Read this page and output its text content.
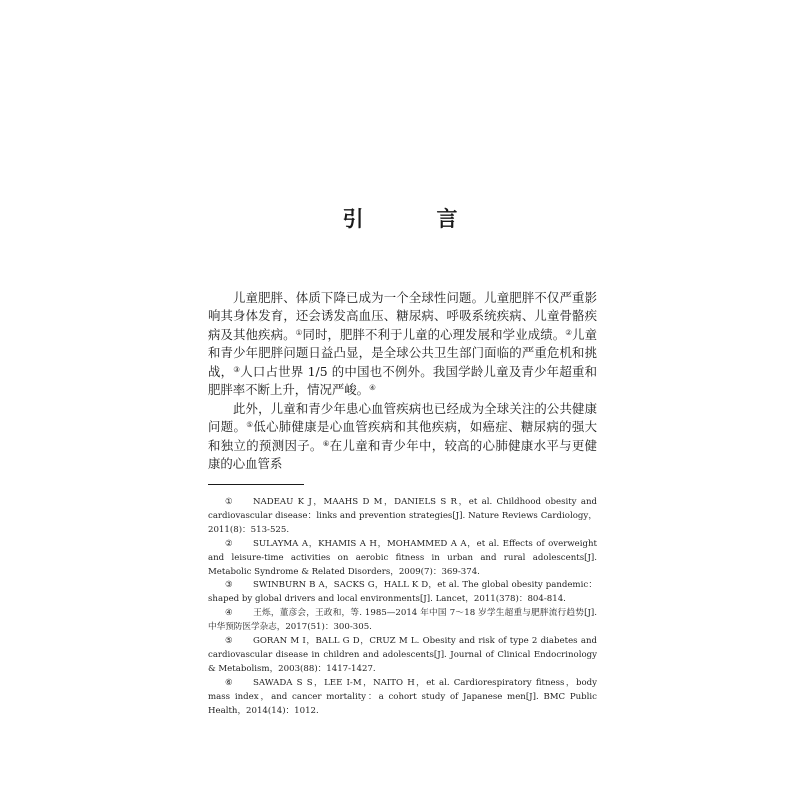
引　言

儿童肥胖、体质下降已成为一个全球性问题。儿童肥胖不仅严重影响其身体发育，还会诱发高血压、糖尿病、呼吸系统疾病、儿童骨骼疾病及其他疾病。①同时，肥胖不利于儿童的心理发展和学业成绩。②儿童和青少年肥胖问题日益凸显，是全球公共卫生部门面临的严重危机和挑战，③人口占世界 1/5 的中国也不例外。我国学龄儿童及青少年超重和肥胖率不断上升，情况严峻。④

此外，儿童和青少年患心血管疾病也已经成为全球关注的公共健康问题。⑤低心肺健康是心血管疾病和其他疾病，如癌症、糖尿病的强大和独立的预测因子。⑥在儿童和青少年中，较高的心肺健康水平与更健康的心血管系

① NADEAU K J，MAAHS D M，DANIELS S R，et al. Childhood obesity and cardiovascular disease：links and prevention strategies[J]. Nature Reviews Cardiology，2011(8)：513-525.

② SULAYMA A，KHAMIS A H，MOHAMMED A A，et al. Effects of overweight and leisure-time activities on aerobic fitness in urban and rural adolescents[J]. Metabolic Syndrome & Related Disorders，2009(7)：369-374.

③ SWINBURN B A，SACKS G，HALL K D，et al. The global obesity pandemic：shaped by global drivers and local environments[J]. Lancet，2011(378)：804-814.

④ 王烁，董彦会，王政和，等. 1985—2014 年中国 7～18 岁学生超重与肥胖流行趋势[J]. 中华预防医学杂志，2017(51)：300-305.

⑤ GORAN M I，BALL G D，CRUZ M L. Obesity and risk of type 2 diabetes and cardiovascular disease in children and adolescents[J]. Journal of Clinical Endocrinology & Metabolism，2003(88)：1417-1427.

⑥ SAWADA S S，LEE I-M，NAITO H，et al. Cardiorespiratory fitness，body mass index，and cancer mortality：a cohort study of Japanese men[J]. BMC Public Health，2014(14)：1012.
